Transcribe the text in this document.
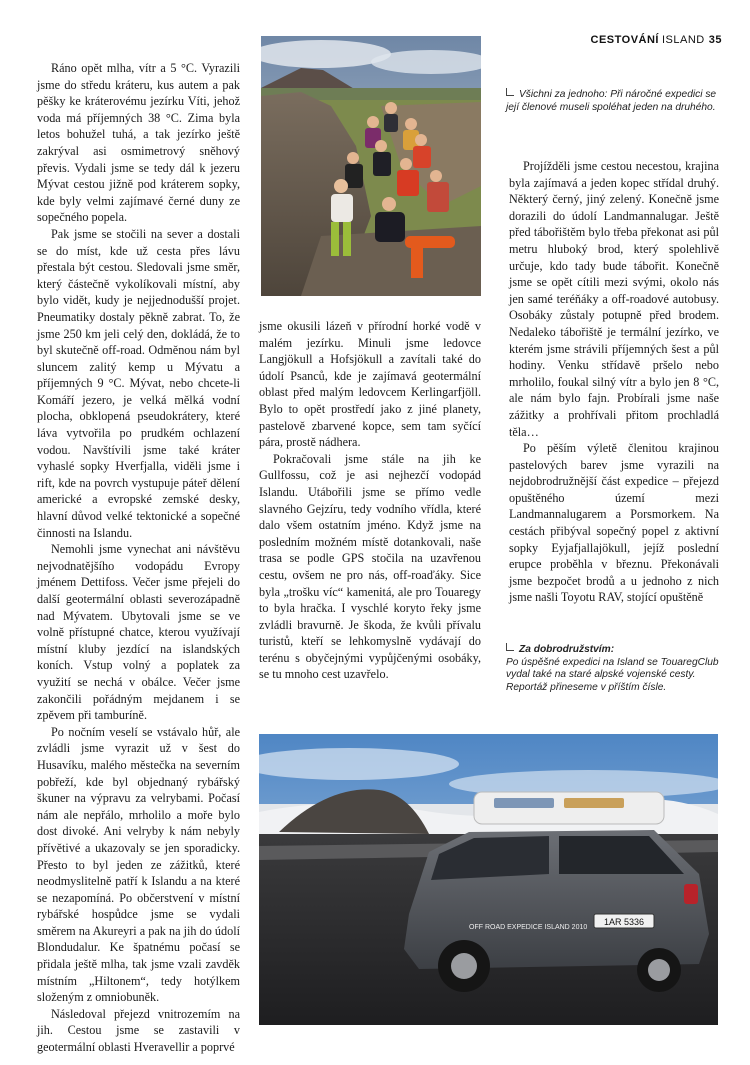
CESTOVÁNÍ ISLAND 35

Ráno opět mlha, vítr a 5 °C. Vyrazili jsme do středu kráteru, kus autem a pak pěšky ke kráterovému jezírku Víti, jehož voda má příjemných 38 °C. Zima byla letos bohužel tuhá, a tak jezírko ještě zakrýval asi osmimetrový sněhový převis. Vydali jsme se tedy dál k jezeru Mývat cestou jižně pod kráterem sopky, kde byly velmi zajímavé černé duny ze sopečného popela.

Pak jsme se stočili na sever a dostali se do míst, kde už cesta přes lávu přestala být cestou. Sledovali jsme směr, který částečně vykolíkovali místní, aby bylo vidět, kudy je nejjednodušší projet. Pneumatiky dostaly pěkně zabrat. To, že jsme 250 km jeli celý den, dokládá, že to byl skutečně off-road. Odměnou nám byl sluncem zalitý kemp u Mývatu a příjemných 9 °C. Mývat, nebo chcete-li Komáří jezero, je velká mělká vodní plocha, obklopená pseudokrátery, které láva vytvořila po prudkém ochlazení vodou. Navštívili jsme také kráter vyhaslé sopky Hverfjalla, viděli jsme i rift, kde na povrch vystupuje páteř dělení americké a evropské zemské desky, hlavní důvod velké tektonické a sopečné činnosti na Islandu.

Nemohli jsme vynechat ani návštěvu nejvodnatějšího vodopádu Evropy jménem Dettifoss. Večer jsme přejeli do další geotermální oblasti severozápadně nad Mývatem. Ubytovali jsme se ve volně přístupné chatce, kterou využívají místní kluby jezdící na islandských koních. Vstup volný a poplatek za využití se nechá v obálce. Večer jsme zakončili pořádným mejdanem i se zpěvem při tamburíně.

Po nočním veselí se vstávalo hůř, ale zvládli jsme vyrazit už v šest do Husavíku, malého městečka na severním pobřeží, kde byl objednaný rybářský škuner na výpravu za velrybami. Počasí nám ale nepřálo, mrholilo a moře bylo dost divoké. Ani velryby k nám nebyly přívětivé a ukazovaly se jen sporadicky. Přesto to byl jeden ze zážitků, které neodmyslitelně patří k Islandu a na které se nezapomíná. Po občerstvení v místní rybářské hospůdce jsme se vydali směrem na Akureyri a pak na jih do údolí Blondudalur. Ke špatnému počasí se přidala ještě mlha, tak jsme vzali zavděk místním „Hiltonem“, tedy hotýlkem složeným z omniobuněk.

Následoval přejezd vnitrozemím na jih. Cestou jsme se zastavili v geotermální oblasti Hveravellir a poprvé

Všichni za jednoho: Při náročné expedici se její členové museli spoléhat jeden na druhého.

jsme okusili lázeň v přírodní horké vodě v malém jezírku. Minuli jsme ledovce Langjökull a Hofsjökull a zavítali také do údolí Psanců, kde je zajímavá geotermální oblast před malým ledovcem Kerlingarfjöll. Bylo to opět prostředí jako z jiné planety, pastelově zbarvené kopce, sem tam syčící pára, prostě nádhera.

Pokračovali jsme stále na jih ke Gullfossu, což je asi nejhezčí vodopád Islandu. Utábořili jsme se přímo vedle slavného Gejzíru, tedy vodního vřídla, které dalo všem ostatním jméno. Když jsme na posledním možném místě dotankovali, naše trasa se podle GPS stočila na uzavřenou cestu, ovšem ne pro nás, off-roaďáky. Sice byla „trošku víc“ kamenitá, ale pro Touaregy to byla hračka. I vyschlé koryto řeky jsme zvládli bravurně. Je škoda, že kvůli přívalu turistů, kteří se lehkomyslně vydávají do terénu s obyčejnými vypůjčenými osobáky, se tu mnoho cest uzavřelo.

Projížděli jsme cestou necestou, krajina byla zajímavá a jeden kopec střídal druhý. Některý černý, jiný zelený. Konečně jsme dorazili do údolí Landmannalugar. Ještě před tábořištěm bylo třeba překonat asi půl metru hluboký brod, který spolehlivě určuje, kdo tady bude tábořit. Konečně jsme se opět cítili mezi svými, okolo nás jen samé teréňáky a off-roadové autobusy. Osobáky zůstaly potupně před brodem. Nedaleko tábořiště je termální jezírko, ve kterém jsme strávili příjemných šest a půl hodiny. Venku střídavě pršelo nebo mrholilo, foukal silný vítr a bylo jen 8 °C, ale nám bylo fajn. Probírali jsme naše zážitky a prohřívali přitom prochladlá těla…

Po pěším výletě členitou krajinou pastelových barev jsme vyrazili na nejdobrodružnější část expedice – přejezd opuštěného území mezi Landmannalugarem a Porsmorkem. Na cestách přibýval sopečný popel z aktivní sopky Eyjafjallajökull, jejíž poslední erupce proběhla v březnu. Překonávali jsme bezpočet brodů a u jednoho z nich jsme našli Toyotu RAV, stojící opuštěně

Za dobrodružstvím:
Po úspěšné expedici na Island se TouaregClub vydal také na staré alpské vojenské cesty. Reportáž přineseme v příštím čísle.
1AR 5336
OFF ROAD EXPEDICE ISLAND 2010
